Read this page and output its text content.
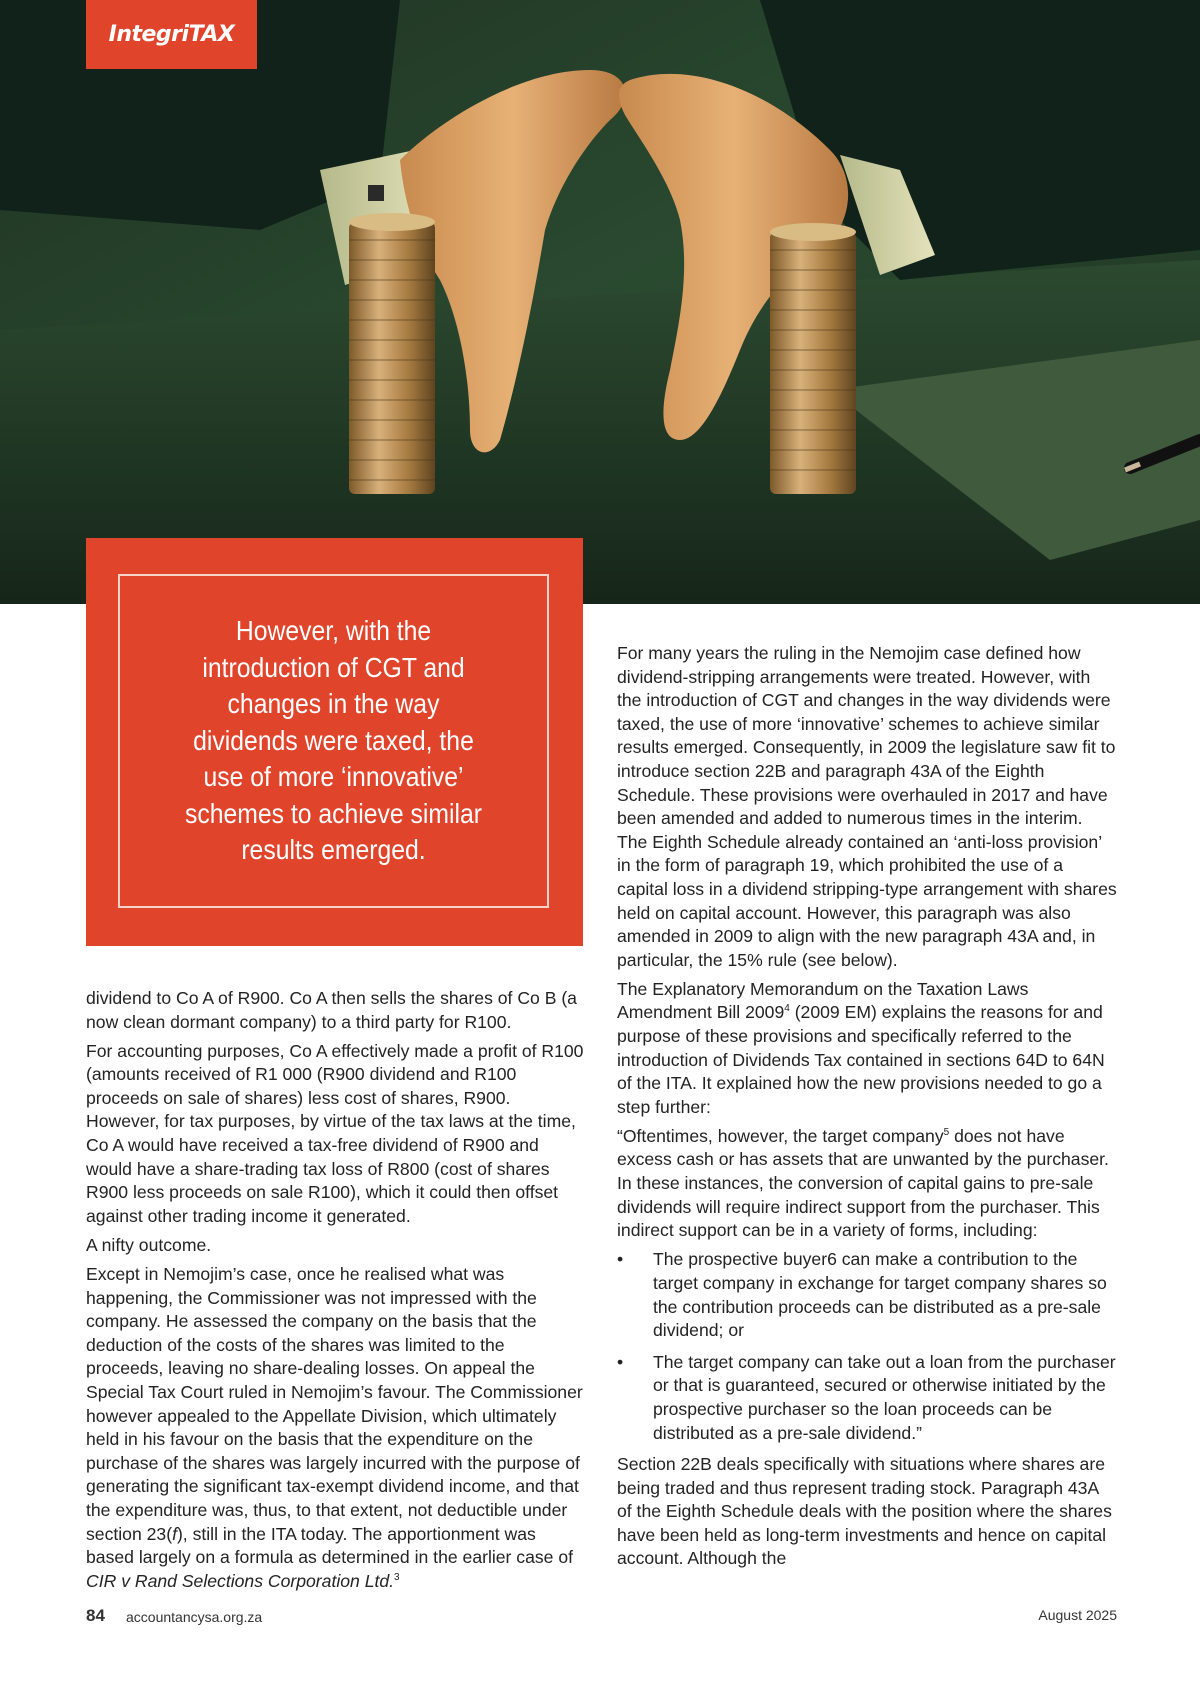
IntegriTAX

However, with the introduction of CGT and changes in the way dividends were taxed, the use of more ‘innovative’ schemes to achieve similar results emerged.

dividend to Co A of R900. Co A then sells the shares of Co B (a now clean dormant company) to a third party for R100.

For accounting purposes, Co A effectively made a profit of R100 (amounts received of R1 000 (R900 dividend and R100 proceeds on sale of shares) less cost of shares, R900. However, for tax purposes, by virtue of the tax laws at the time, Co A would have received a tax-free dividend of R900 and would have a share-trading tax loss of R800 (cost of shares R900 less proceeds on sale R100), which it could then offset against other trading income it generated.

A nifty outcome.

Except in Nemojim’s case, once he realised what was happening, the Commissioner was not impressed with the company. He assessed the company on the basis that the deduction of the costs of the shares was limited to the proceeds, leaving no share-dealing losses. On appeal the Special Tax Court ruled in Nemojim’s favour. The Commissioner however appealed to the Appellate Division, which ultimately held in his favour on the basis that the expenditure on the purchase of the shares was largely incurred with the purpose of generating the significant tax-exempt dividend income, and that the expenditure was, thus, to that extent, not deductible under section 23(f), still in the ITA today. The apportionment was based largely on a formula as determined in the earlier case of CIR v Rand Selections Corporation Ltd.$^3$

For many years the ruling in the Nemojim case defined how dividend-stripping arrangements were treated. However, with the introduction of CGT and changes in the way dividends were taxed, the use of more ‘innovative’ schemes to achieve similar results emerged. Consequently, in 2009 the legislature saw fit to introduce section 22B and paragraph 43A of the Eighth Schedule. These provisions were overhauled in 2017 and have been amended and added to numerous times in the interim. The Eighth Schedule already contained an ‘anti-loss provision’ in the form of paragraph 19, which prohibited the use of a capital loss in a dividend stripping-type arrangement with shares held on capital account. However, this paragraph was also amended in 2009 to align with the new paragraph 43A and, in particular, the 15% rule (see below).

The Explanatory Memorandum on the Taxation Laws Amendment Bill 2009$^4$ (2009 EM) explains the reasons for and purpose of these provisions and specifically referred to the introduction of Dividends Tax contained in sections 64D to 64N of the ITA. It explained how the new provisions needed to go a step further:

“Oftentimes, however, the target company$^5$ does not have excess cash or has assets that are unwanted by the purchaser. In these instances, the conversion of capital gains to pre-sale dividends will require indirect support from the purchaser. This indirect support can be in a variety of forms, including:

• The prospective buyer6 can make a contribution to the target company in exchange for target company shares so the contribution proceeds can be distributed as a pre-sale dividend; or
• The target company can take out a loan from the purchaser or that is guaranteed, secured or otherwise initiated by the prospective purchaser so the loan proceeds can be distributed as a pre-sale dividend.”

Section 22B deals specifically with situations where shares are being traded and thus represent trading stock. Paragraph 43A of the Eighth Schedule deals with the position where the shares have been held as long-term investments and hence on capital account. Although the

84 accountancysa.org.za	August 2025
